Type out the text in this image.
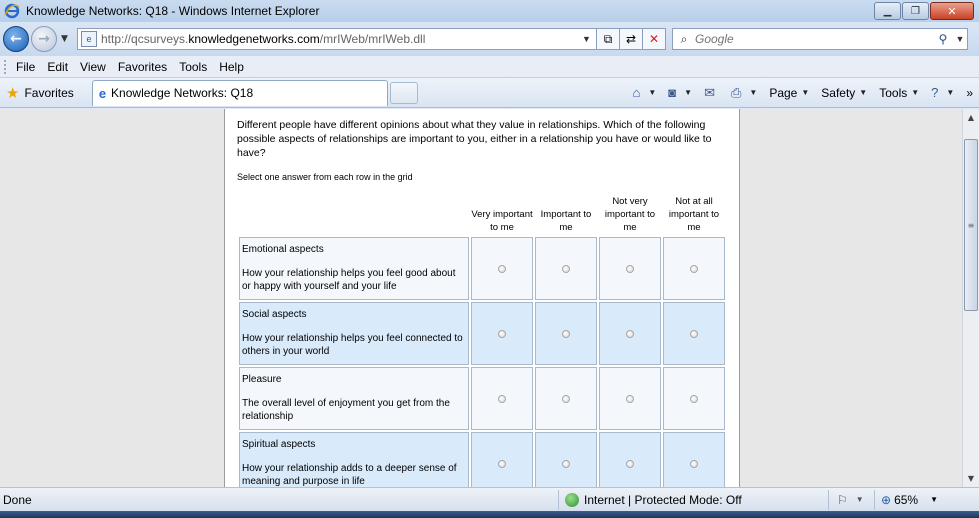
Knowledge Networks: Q18 - Windows Internet Explorer	▁	❐	✕
← → ▼	e http://qcsurveys.knowledgenetworks.com/mrIWeb/mrIWeb.dll	▼	⧉ ⇄ ✕	⌕
Google	⚲ ▼
File	Edit	View	Favorites	Tools	Help
★ Favorites e Knowledge Networks: Q18	⌂ ▼ ◙ ▼ ✉ ⎙ ▼ Page ▼ Safety ▼ Tools ▼ ? ▼ »
Different people have different opinions about what they value in relationships. Which of the following possible aspects of relationships are important to you, either in a relationship you have or would like to have?
Select one answer from each row in the grid
	Very important to me	Important to me	Not very important to me	Not at all important to me

Emotional aspects
How your relationship helps you feel good about or happy with yourself and your life				

Social aspects
How your relationship helps you feel connected to others in your world				

Pleasure
The overall level of enjoyment you get from the relationship				

Spiritual aspects
How your relationship adds to a deeper sense of meaning and purpose in life				
▲
≡
▼
Done	Internet | Protected Mode: Off	⚐ ▼ ⊕ 65% ▼
